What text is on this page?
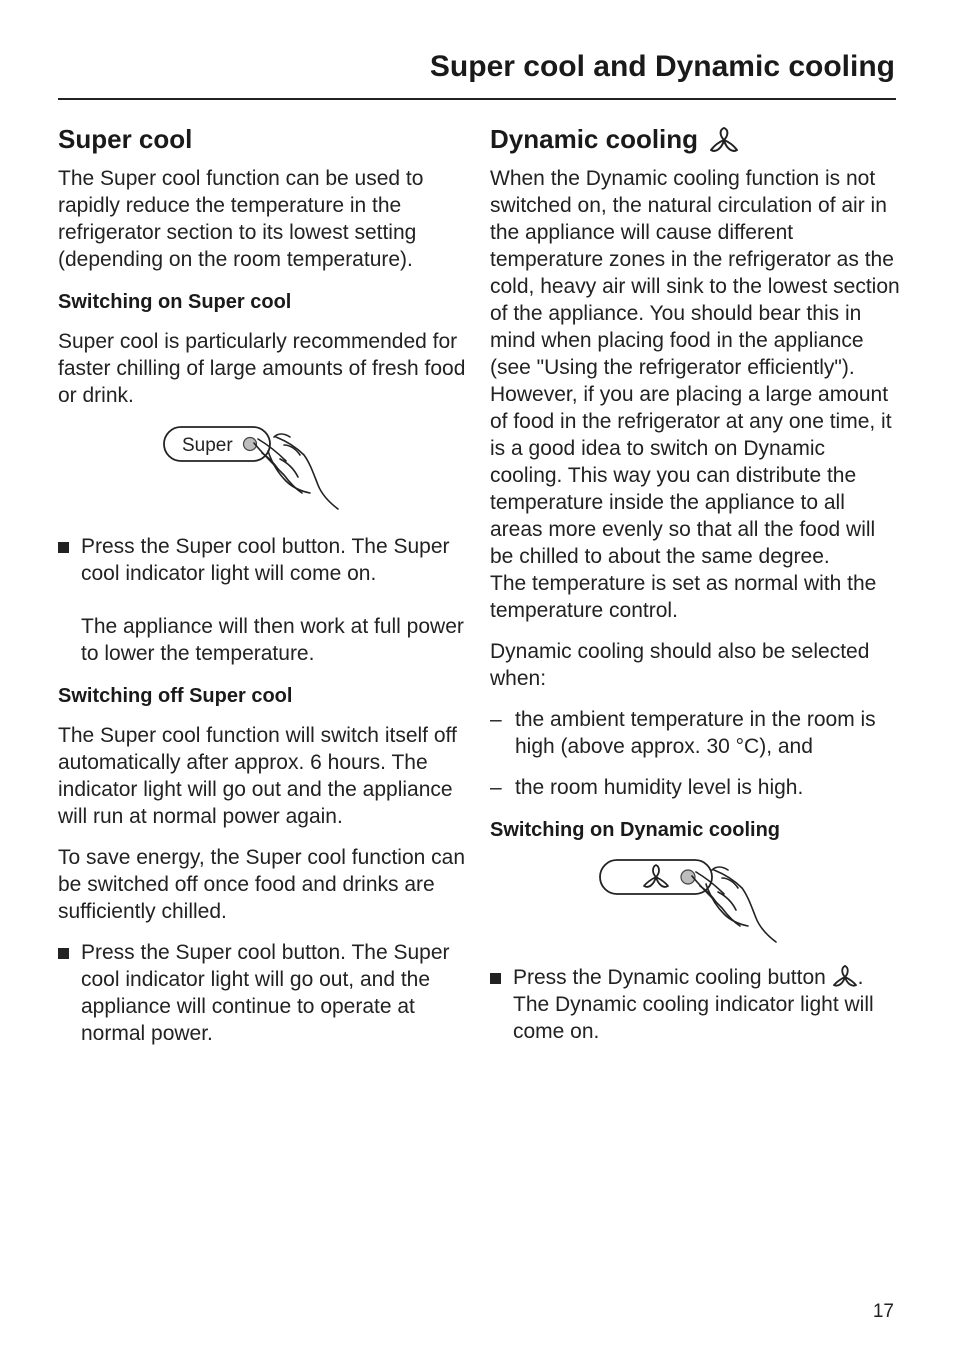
Super cool and Dynamic cooling
Super cool

The Super cool function can be used to rapidly reduce the temperature in the refrigerator section to its lowest setting (depending on the room temperature).

Switching on Super cool

Super cool is particularly recommended for faster chilling of large amounts of fresh food or drink.

Super

Press the Super cool button. The Super cool indicator light will come on.

The appliance will then work at full power to lower the temperature.

Switching off Super cool

The Super cool function will switch itself off automatically after approx. 6 hours. The indicator light will go out and the appliance will run at normal power again.

To save energy, the Super cool function can be switched off once food and drinks are sufficiently chilled.

Press the Super cool button. The Super cool indicator light will go out, and the appliance will continue to operate at normal power.

Dynamic cooling

When the Dynamic cooling function is not switched on, the natural circulation of air in the appliance will cause different temperature zones in the refrigerator as the cold, heavy air will sink to the lowest section of the appliance. You should bear this in mind when placing food in the appliance (see "Using the refrigerator efficiently"). However, if you are placing a large amount of food in the refrigerator at any one time, it is a good idea to switch on Dynamic cooling. This way you can distribute the temperature inside the appliance to all areas more evenly so that all the food will be chilled to about the same degree.

The temperature is set as normal with the temperature control.

Dynamic cooling should also be selected when:

– the ambient temperature in the room is high (above approx. 30 °C), and

– the room humidity level is high.

Switching on Dynamic cooling

Press the Dynamic cooling button . The Dynamic cooling indicator light will come on.

17
